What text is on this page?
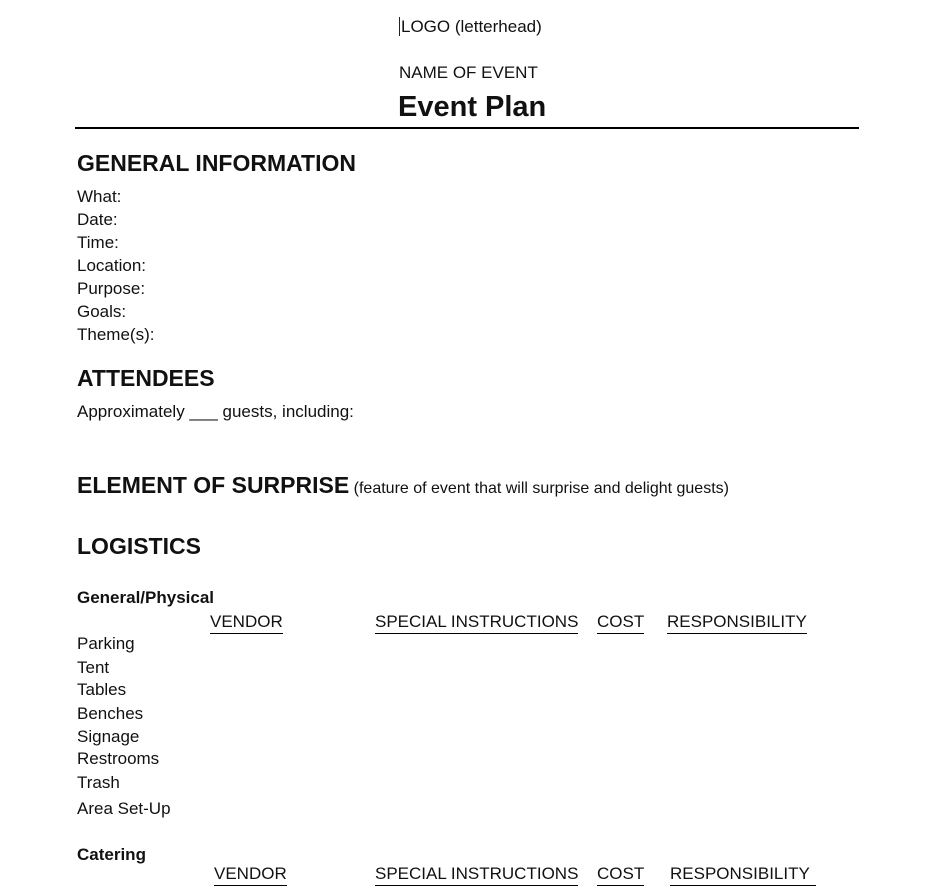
LOGO (letterhead)
NAME OF EVENT
Event Plan
GENERAL INFORMATION
What:
Date:
Time:
Location:
Purpose:
Goals:
Theme(s):
ATTENDEES
Approximately ___ guests, including:
ELEMENT OF SURPRISE (feature of event that will surprise and delight guests)
LOGISTICS
General/Physical
VENDOR	SPECIAL INSTRUCTIONS COST RESPONSIBILITY
Parking
Tent
Tables
Benches
Signage
Restrooms
Trash
Area Set-Up
Catering
VENDOR	SPECIAL INSTRUCTIONS COST RESPONSIBILITY
